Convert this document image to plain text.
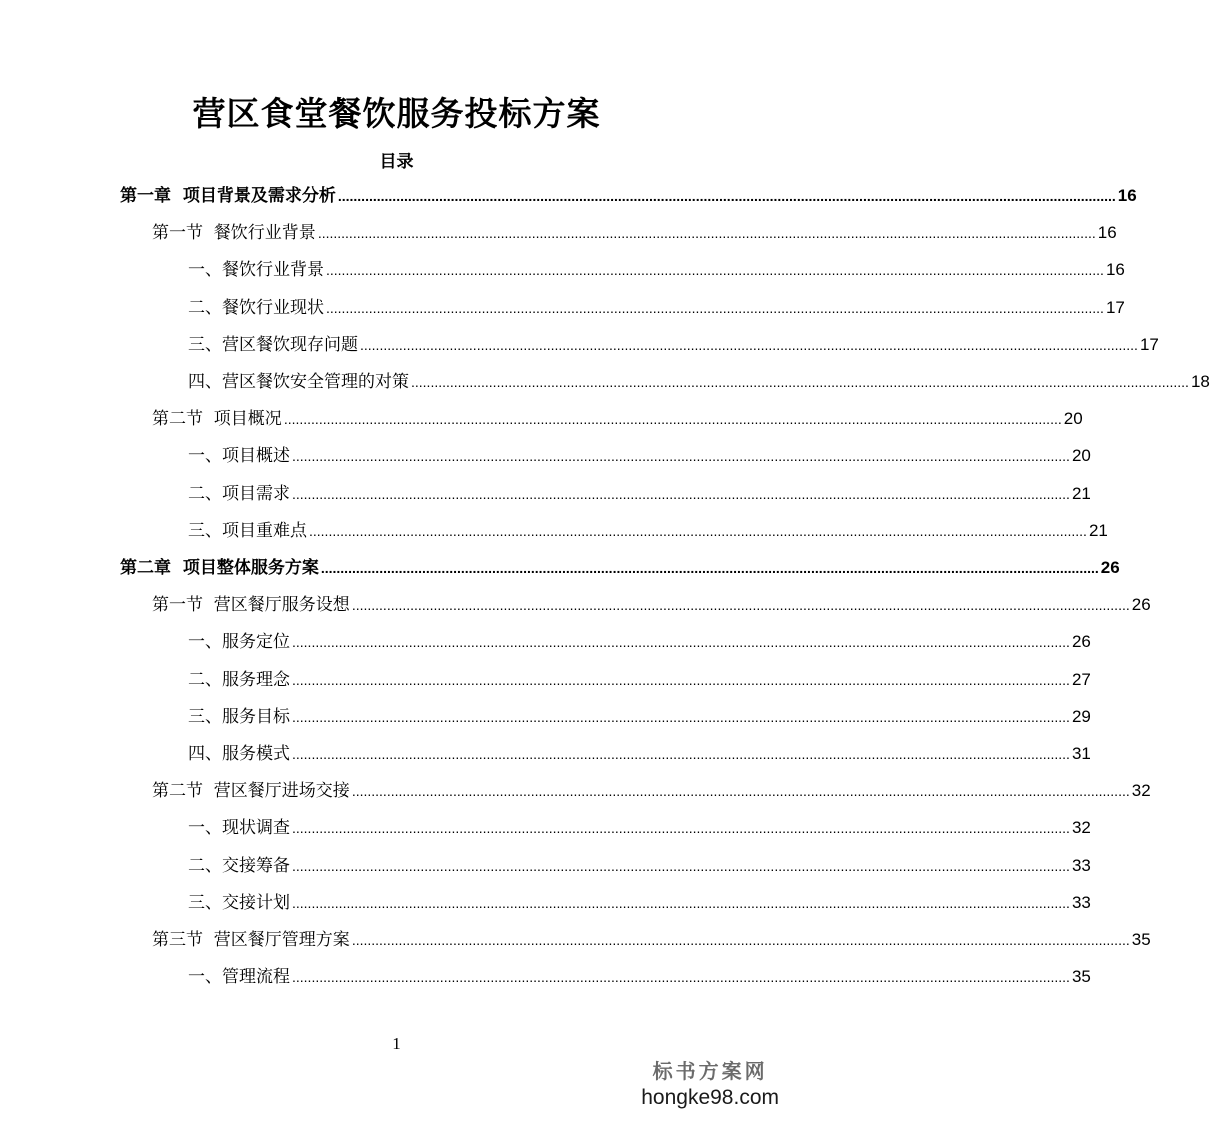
营区食堂餐饮服务投标方案
目录
第一章  项目背景及需求分析 ........................................................................................................................................................................................................ 16
第一节  餐饮行业背景 ........................................................................................................................................................................................................ 16
一、餐饮行业背景 ........................................................................................................................................................................................................ 16
二、餐饮行业现状 ........................................................................................................................................................................................................ 17
三、营区餐饮现存问题 ........................................................................................................................................................................................................ 17
四、营区餐饮安全管理的对策 ........................................................................................................................................................................................................ 18
第二节  项目概况 ........................................................................................................................................................................................................ 20
一、项目概述 ........................................................................................................................................................................................................ 20
二、项目需求 ........................................................................................................................................................................................................ 21
三、项目重难点 ........................................................................................................................................................................................................ 21
第二章  项目整体服务方案 ........................................................................................................................................................................................................ 26
第一节  营区餐厅服务设想 ........................................................................................................................................................................................................ 26
一、服务定位 ........................................................................................................................................................................................................ 26
二、服务理念 ........................................................................................................................................................................................................ 27
三、服务目标 ........................................................................................................................................................................................................ 29
四、服务模式 ........................................................................................................................................................................................................ 31
第二节  营区餐厅进场交接 ........................................................................................................................................................................................................ 32
一、现状调查 ........................................................................................................................................................................................................ 32
二、交接筹备 ........................................................................................................................................................................................................ 33
三、交接计划 ........................................................................................................................................................................................................ 33
第三节  营区餐厅管理方案 ........................................................................................................................................................................................................ 35
一、管理流程 ........................................................................................................................................................................................................ 35
1
标书方案网
hongke98.com
